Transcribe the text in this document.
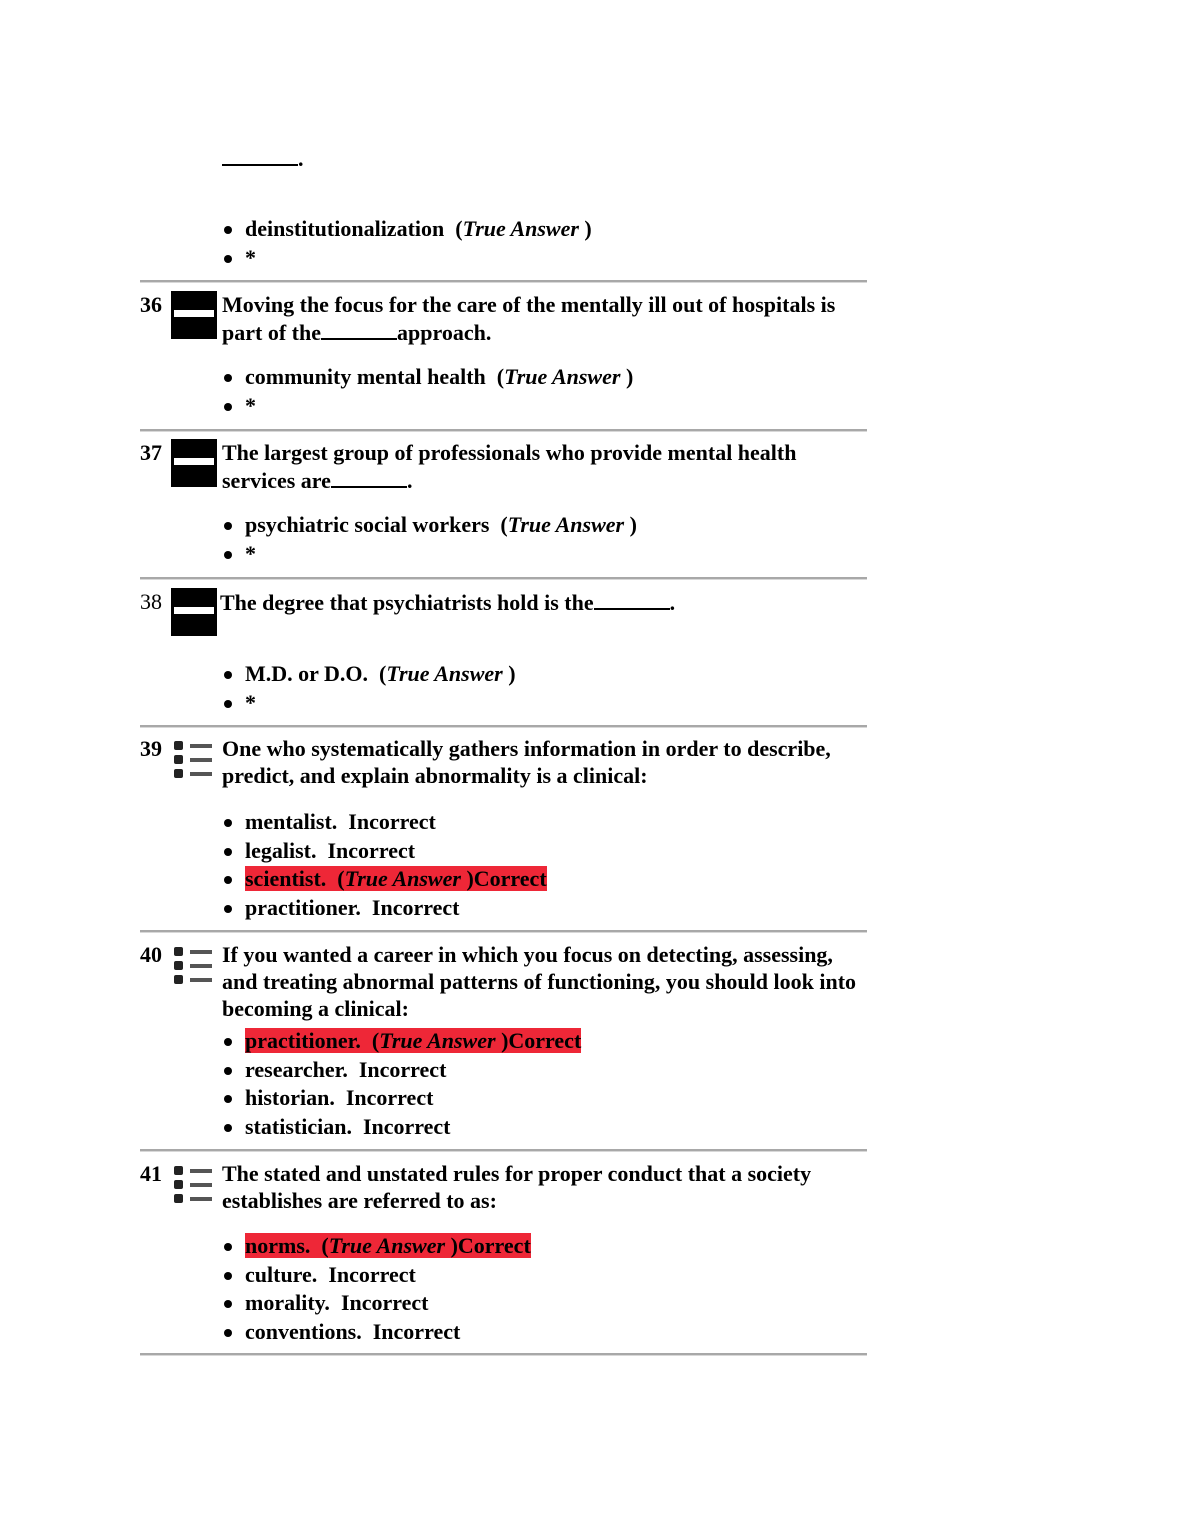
.
deinstitutionalization  (True Answer )
*
36	Moving the focus for the care of the mentally ill out of hospitals is part of the	approach.
community mental health  (True Answer )
*
37	The largest group of professionals who provide mental health services are	.
psychiatric social workers  (True Answer )
*
38	The degree that psychiatrists hold is the	.
M.D. or D.O.  (True Answer )
*
39	One who systematically gathers information in order to describe, predict, and explain abnormality is a clinical:
mentalist. Incorrect
legalist. Incorrect
scientist.  (True Answer )Correct
practitioner. Incorrect
40	If you wanted a career in which you focus on detecting, assessing, and treating abnormal patterns of functioning, you should look into becoming a clinical:
practitioner.  (True Answer )Correct
researcher. Incorrect
historian. Incorrect
statistician. Incorrect
41	The stated and unstated rules for proper conduct that a society establishes are referred to as:
norms.  (True Answer )Correct
culture. Incorrect
morality. Incorrect
conventions. Incorrect
